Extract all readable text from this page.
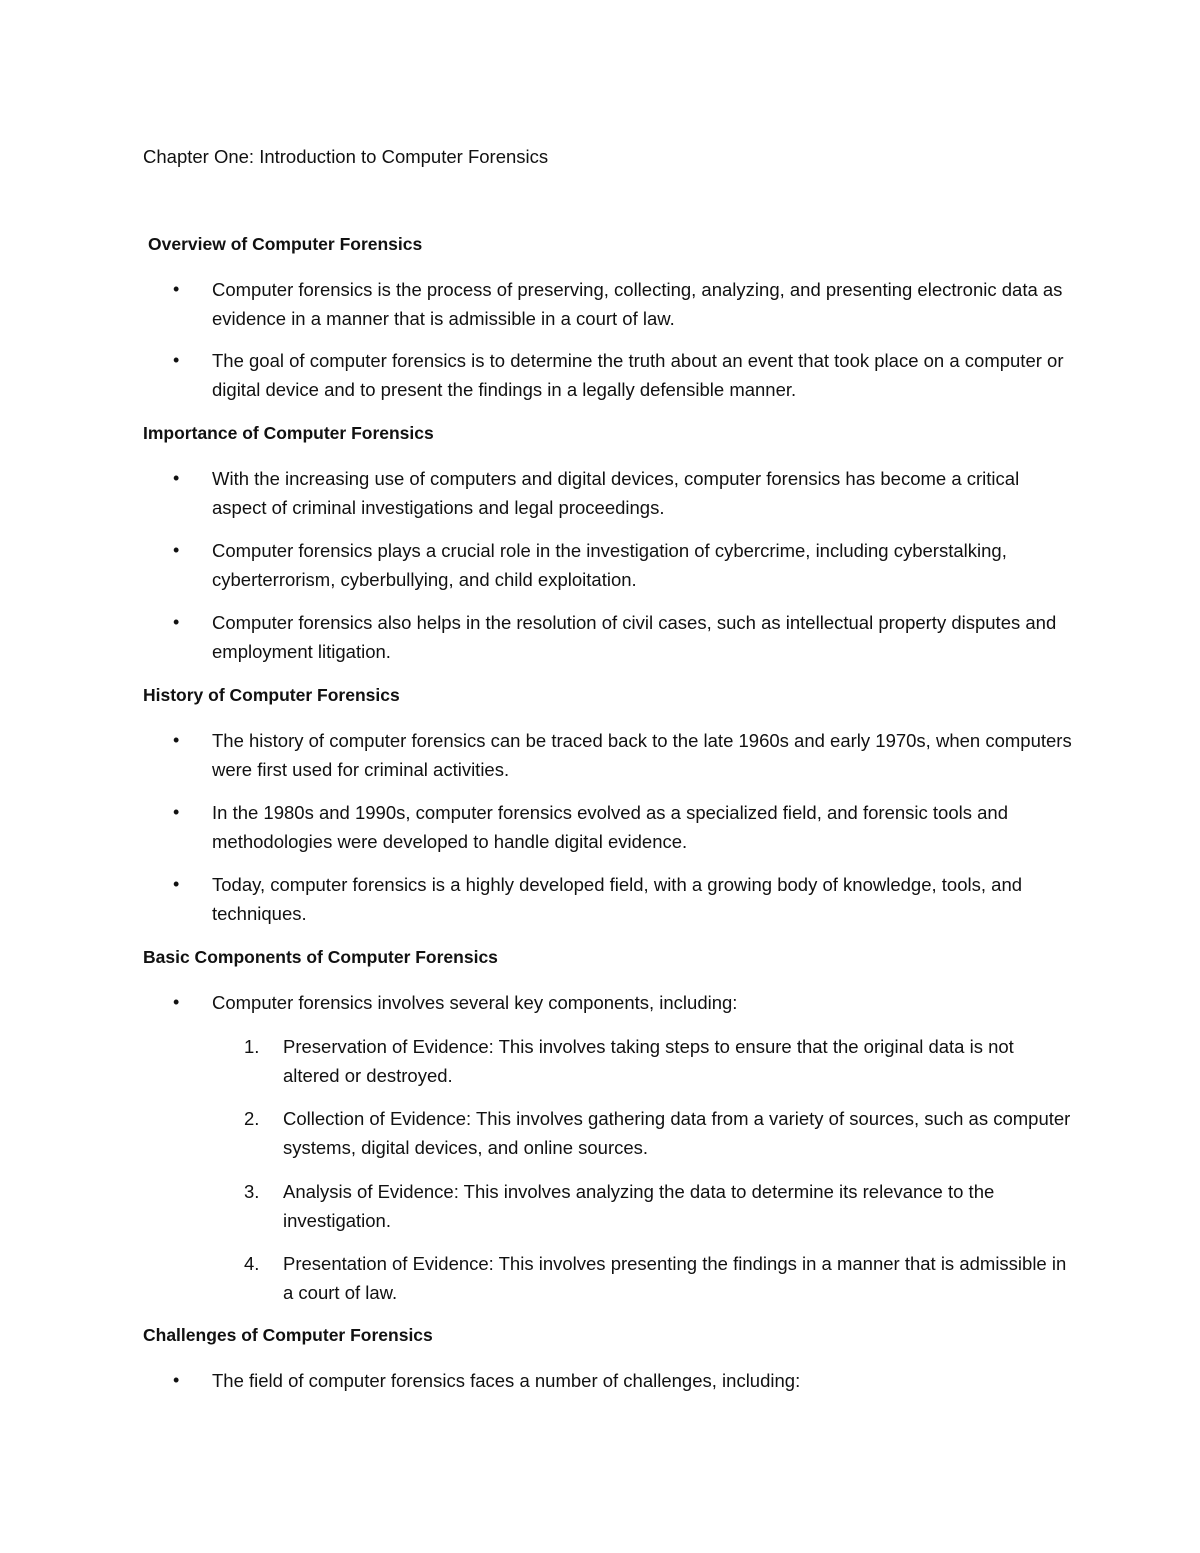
Chapter One: Introduction to Computer Forensics
Overview of Computer Forensics
• Computer forensics is the process of preserving, collecting, analyzing, and presenting electronic data as evidence in a manner that is admissible in a court of law.
• The goal of computer forensics is to determine the truth about an event that took place on a computer or digital device and to present the findings in a legally defensible manner.
Importance of Computer Forensics
• With the increasing use of computers and digital devices, computer forensics has become a critical aspect of criminal investigations and legal proceedings.
• Computer forensics plays a crucial role in the investigation of cybercrime, including cyberstalking, cyberterrorism, cyberbullying, and child exploitation.
• Computer forensics also helps in the resolution of civil cases, such as intellectual property disputes and employment litigation.
History of Computer Forensics
• The history of computer forensics can be traced back to the late 1960s and early 1970s, when computers were first used for criminal activities.
• In the 1980s and 1990s, computer forensics evolved as a specialized field, and forensic tools and methodologies were developed to handle digital evidence.
• Today, computer forensics is a highly developed field, with a growing body of knowledge, tools, and techniques.
Basic Components of Computer Forensics
• Computer forensics involves several key components, including:
1. Preservation of Evidence: This involves taking steps to ensure that the original data is not altered or destroyed.
2. Collection of Evidence: This involves gathering data from a variety of sources, such as computer systems, digital devices, and online sources.
3. Analysis of Evidence: This involves analyzing the data to determine its relevance to the investigation.
4. Presentation of Evidence: This involves presenting the findings in a manner that is admissible in a court of law.
Challenges of Computer Forensics
• The field of computer forensics faces a number of challenges, including:
